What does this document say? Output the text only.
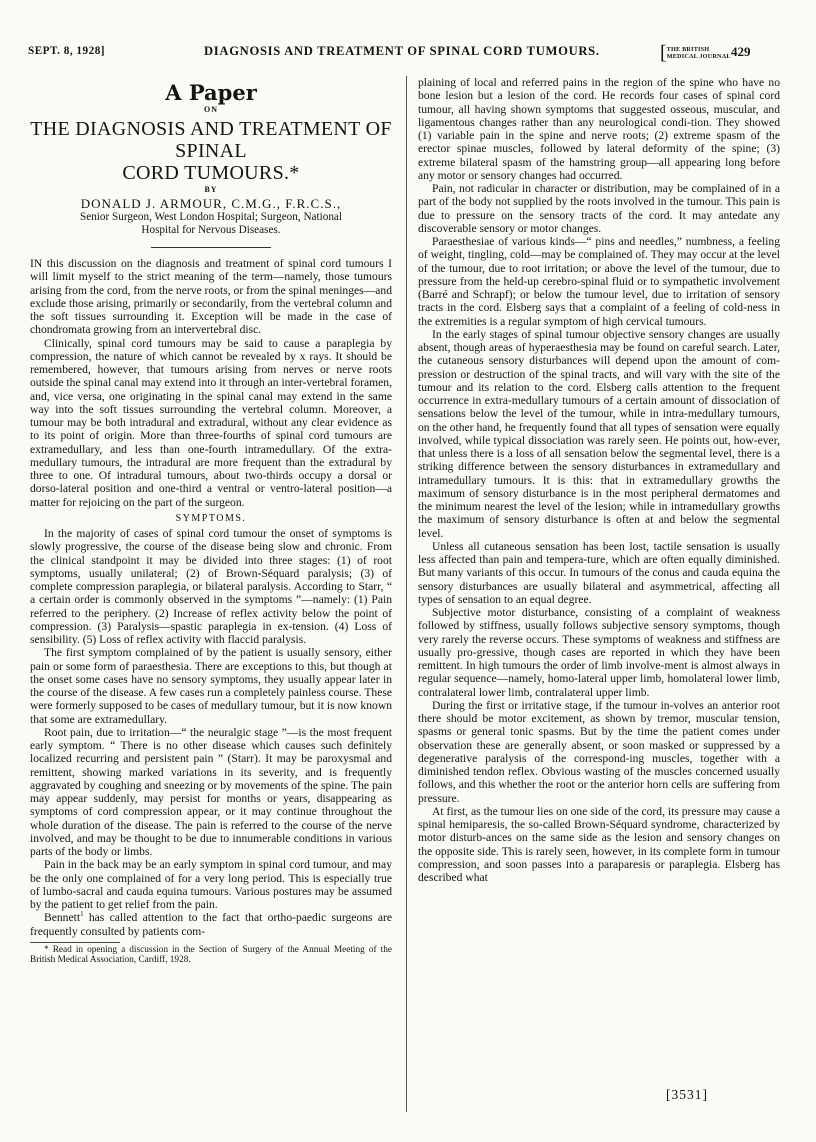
SEPT. 8, 1928]	DIAGNOSIS AND TREATMENT OF SPINAL CORD TUMOURS.	[THE BRITISH
MEDICAL JOURNAL 429
A Paper
ON
THE DIAGNOSIS AND TREATMENT OF SPINAL
CORD TUMOURS.*
BY
DONALD J. ARMOUR, C.M.G., F.R.C.S.,
Senior Surgeon, West London Hospital; Surgeon, National
Hospital for Nervous Diseases.

IN this discussion on the diagnosis and treatment of spinal cord tumours I will limit myself to the strict meaning of the term—namely, those tumours arising from the cord, from the nerve roots, or from the spinal meninges—and exclude those arising, primarily or secondarily, from the vertebral column and the soft tissues surrounding it. Exception will be made in the case of chondromata growing from an intervertebral disc.

Clinically, spinal cord tumours may be said to cause a paraplegia by compression, the nature of which cannot be revealed by x rays. It should be remembered, however, that tumours arising from nerves or nerve roots outside the spinal canal may extend into it through an inter-vertebral foramen, and, vice versa, one originating in the spinal canal may extend in the same way into the soft tissues surrounding the vertebral column. Moreover, a tumour may be both intradural and extradural, without any clear evidence as to its point of origin. More than three-fourths of spinal cord tumours are extramedullary, and less than one-fourth intramedullary. Of the extra-medullary tumours, the intradural are more frequent than the extradural by three to one. Of intradural tumours, about two-thirds occupy a dorsal or dorso-lateral position and one-third a ventral or ventro-lateral position—a matter for rejoicing on the part of the surgeon.

SYMPTOMS.

In the majority of cases of spinal cord tumour the onset of symptoms is slowly progressive, the course of the disease being slow and chronic. From the clinical standpoint it may be divided into three stages: (1) of root symptoms, usually unilateral; (2) of Brown-Séquard paralysis; (3) of complete compression paraplegia, or bilateral paralysis. According to Starr, “ a certain order is commonly observed in the symptoms ”—namely: (1) Pain referred to the periphery. (2) Increase of reflex activity below the point of compression. (3) Paralysis—spastic paraplegia in ex-tension. (4) Loss of sensibility. (5) Loss of reflex activity with flaccid paralysis.

The first symptom complained of by the patient is usually sensory, either pain or some form of paraesthesia. There are exceptions to this, but though at the onset some cases have no sensory symptoms, they usually appear later in the course of the disease. A few cases run a completely painless course. These were formerly supposed to be cases of medullary tumour, but it is now known that some are extramedullary.

Root pain, due to irritation—“ the neuralgic stage ”—is the most frequent early symptom. “ There is no other disease which causes such definitely localized recurring and persistent pain ” (Starr). It may be paroxysmal and remittent, showing marked variations in its severity, and is frequently aggravated by coughing and sneezing or by movements of the spine. The pain may appear suddenly, may persist for months or years, disappearing as symptoms of cord compression appear, or it may continue throughout the whole duration of the disease. The pain is referred to the course of the nerve involved, and may be thought to be due to innumerable conditions in various parts of the body or limbs.

Pain in the back may be an early symptom in spinal cord tumour, and may be the only one complained of for a very long period. This is especially true of lumbo-sacral and cauda equina tumours. Various postures may be assumed by the patient to get relief from the pain.

Bennett$^1$ has called attention to the fact that ortho-paedic surgeons are frequently consulted by patients com-

* Read in opening a discussion in the Section of Surgery of the Annual Meeting of the British Medical Association, Cardiff, 1928.

plaining of local and referred pains in the region of the spine who have no bone lesion but a lesion of the cord. He records four cases of spinal cord tumour, all having shown symptoms that suggested osseous, muscular, and ligamentous changes rather than any neurological condi-tion. They showed (1) variable pain in the spine and nerve roots; (2) extreme spasm of the erector spinae muscles, followed by lateral deformity of the spine; (3) extreme bilateral spasm of the hamstring group—all appearing long before any motor or sensory changes had occurred.

Pain, not radicular in character or distribution, may be complained of in a part of the body not supplied by the roots involved in the tumour. This pain is due to pressure on the sensory tracts of the cord. It may antedate any discoverable sensory or motor changes.

Paraesthesiae of various kinds—“ pins and needles,” numbness, a feeling of weight, tingling, cold—may be complained of. They may occur at the level of the tumour, due to root irritation; or above the level of the tumour, due to pressure from the held-up cerebro-spinal fluid or to sympathetic involvement (Barré and Schrapf); or below the tumour level, due to irritation of sensory tracts in the cord. Elsberg says that a complaint of a feeling of cold-ness in the extremities is a regular symptom of high cervical tumours.

In the early stages of spinal tumour objective sensory changes are usually absent, though areas of hyperaesthesia may be found on careful search. Later, the cutaneous sensory disturbances will depend upon the amount of com-pression or destruction of the spinal tracts, and will vary with the site of the tumour and its relation to the cord. Elsberg calls attention to the frequent occurrence in extra-medullary tumours of a certain amount of dissociation of sensations below the level of the tumour, while in intra-medullary tumours, on the other hand, he frequently found that all types of sensation were equally involved, while typical dissociation was rarely seen. He points out, how-ever, that unless there is a loss of all sensation below the segmental level, there is a striking difference between the sensory disturbances in extramedullary and intramedullary tumours. It is this: that in extramedullary growths the maximum of sensory disturbance is in the most peripheral dermatomes and the minimum nearest the level of the lesion; while in intramedullary growths the maximum of sensory disturbance is often at and below the segmental level.

Unless all cutaneous sensation has been lost, tactile sensation is usually less affected than pain and tempera-ture, which are often equally diminished. But many variants of this occur. In tumours of the conus and cauda equina the sensory disturbances are usually bilateral and asymmetrical, affecting all types of sensation to an equal degree.

Subjective motor disturbance, consisting of a complaint of weakness followed by stiffness, usually follows subjective sensory symptoms, though very rarely the reverse occurs. These symptoms of weakness and stiffness are usually pro-gressive, though cases are reported in which they have been remittent. In high tumours the order of limb involve-ment is almost always in regular sequence—namely, homo-lateral upper limb, homolateral lower limb, contralateral lower limb, contralateral upper limb.

During the first or irritative stage, if the tumour in-volves an anterior root there should be motor excitement, as shown by tremor, muscular tension, spasms or general tonic spasms. But by the time the patient comes under observation these are generally absent, or soon masked or suppressed by a degenerative paralysis of the correspond-ing muscles, together with a diminished tendon reflex. Obvious wasting of the muscles concerned usually follows, and this whether the root or the anterior horn cells are suffering from pressure.

At first, as the tumour lies on one side of the cord, its pressure may cause a spinal hemiparesis, the so-called Brown-Séquard syndrome, characterized by motor disturb-ances on the same side as the lesion and sensory changes on the opposite side. This is rarely seen, however, in its complete form in tumour compression, and soon passes into a paraparesis or paraplegia. Elsberg has described what

[3531]
